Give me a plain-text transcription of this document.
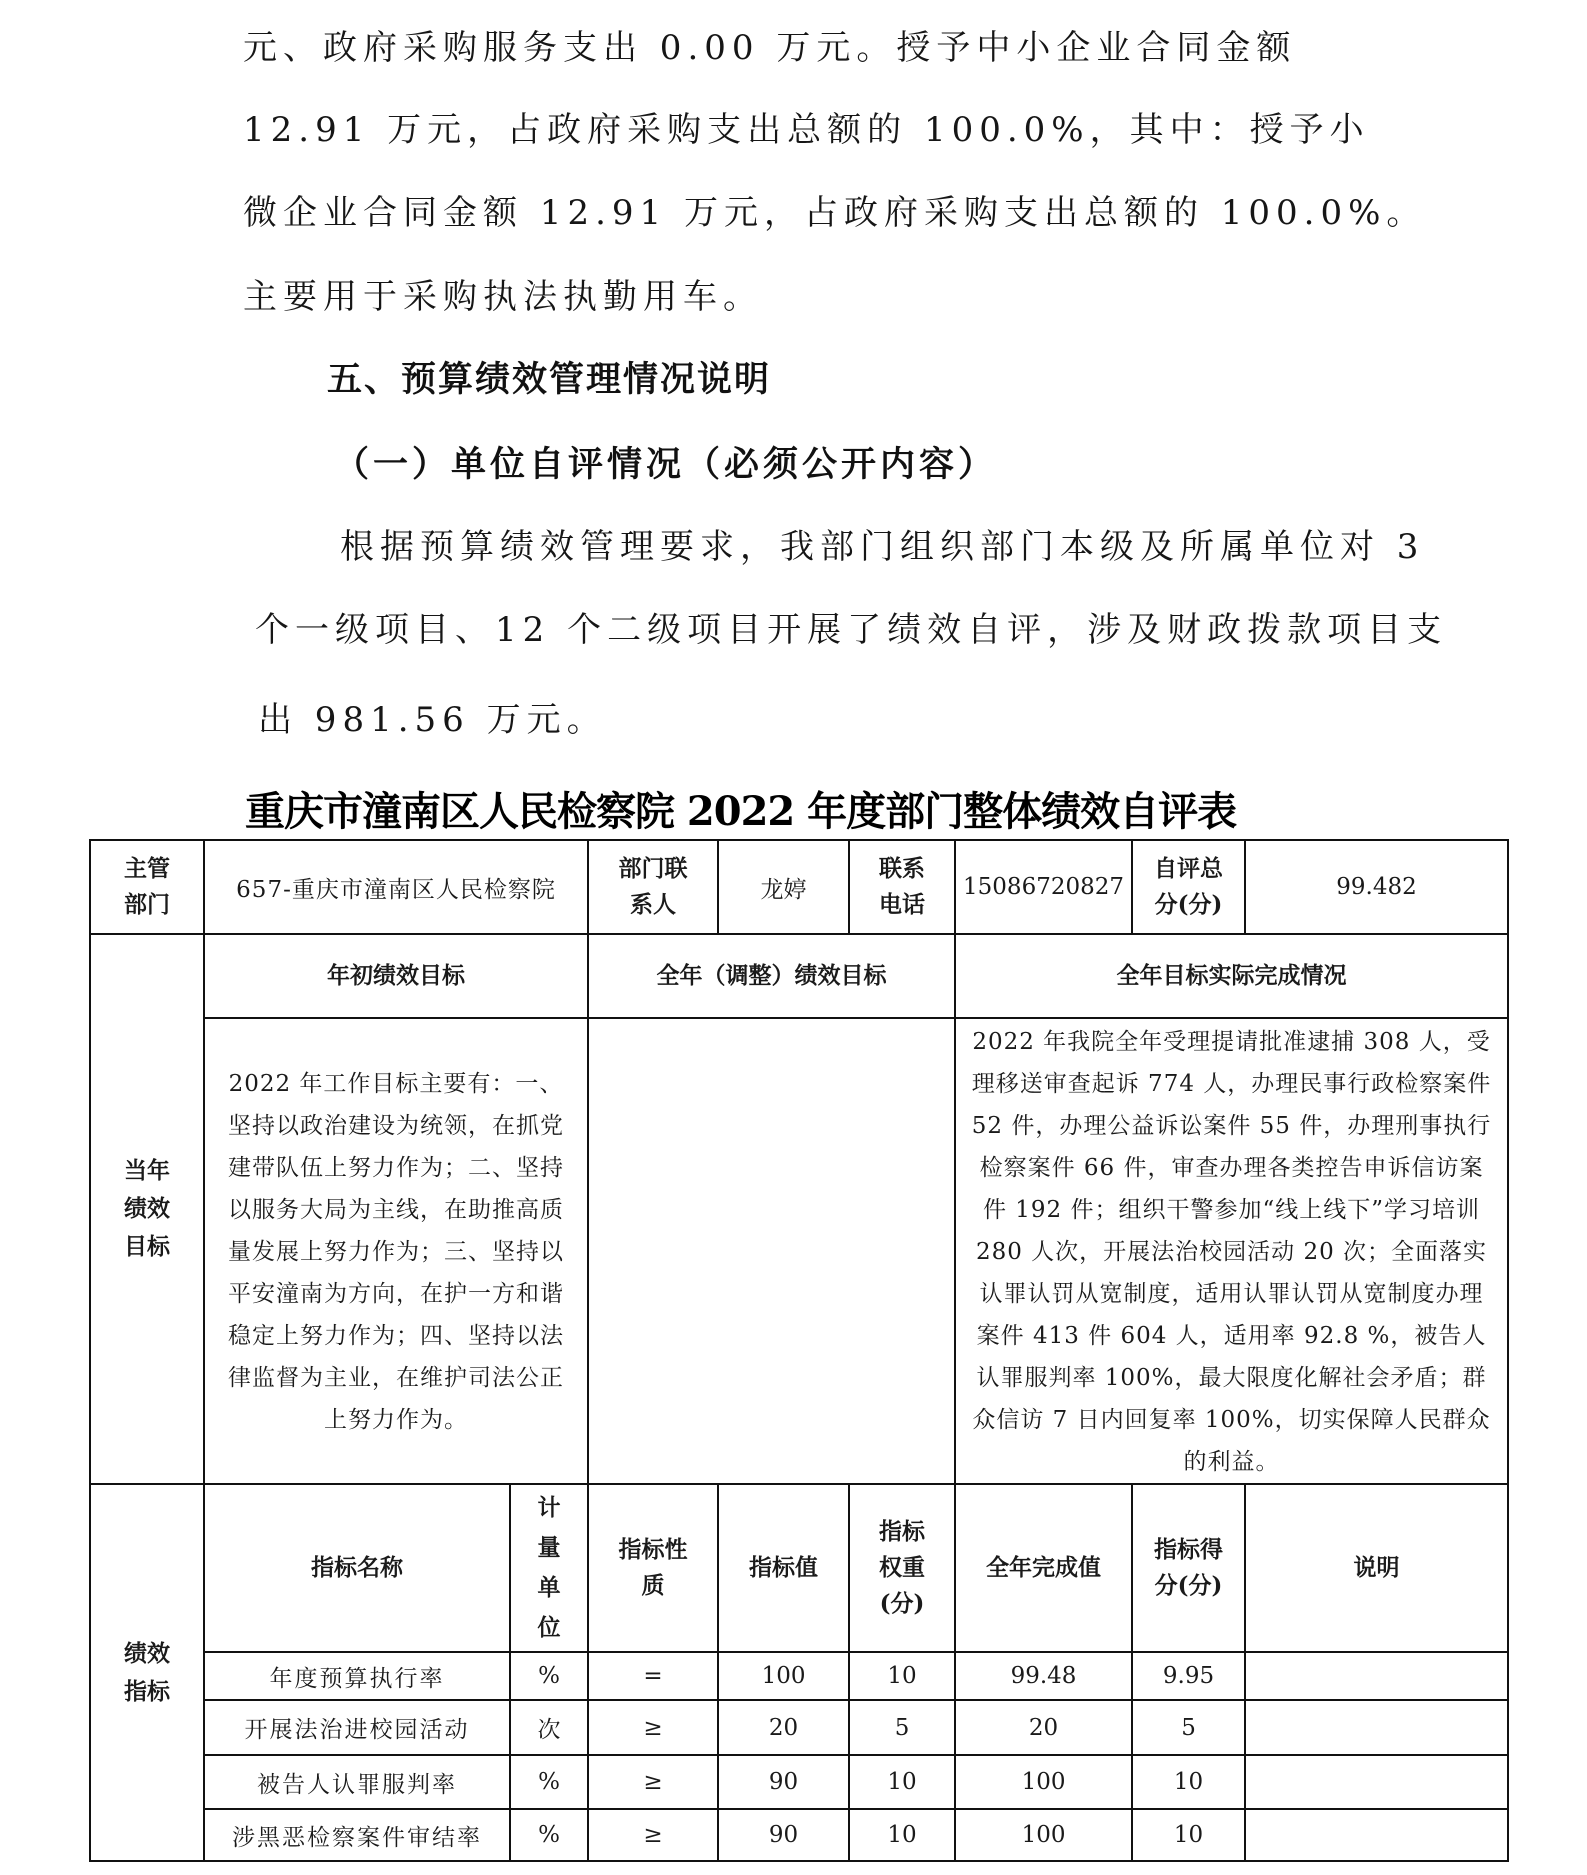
元、政府采购服务支出 0.00 万元。授予中小企业合同金额
12.91 万元，占政府采购支出总额的 100.0%，其中：授予小
微企业合同金额 12.91 万元，占政府采购支出总额的 100.0%。
主要用于采购执法执勤用车。
五、预算绩效管理情况说明
（一）单位自评情况（必须公开内容）
根据预算绩效管理要求，我部门组织部门本级及所属单位对 3
个一级项目、12 个二级项目开展了绩效自评，涉及财政拨款项目支
出 981.56 万元。
重庆市潼南区人民检察院 2022 年度部门整体绩效自评表
主管部门	657-重庆市潼南区人民检察院		部门联系人	龙婷	联系电话	15086720827	自评总分(分)	99.482

当年绩效目标	年初绩效目标		全年（调整）绩效目标			全年目标实际完成情况		

	2022 年工作目标主要有：一、坚持以政治建设为统领，在抓党建带队伍上努力作为；二、坚持以服务大局为主线，在助推高质量发展上努力作为；三、坚持以平安潼南为方向，在护一方和谐稳定上努力作为；四、坚持以法律监督为主业，在维护司法公正上努力作为。					2022 年我院全年受理提请批准逮捕 308 人，受理移送审查起诉 774 人，办理民事行政检察案件 52 件，办理公益诉讼案件 55 件，办理刑事执行检察案件 66 件，审查办理各类控告申诉信访案件 192 件；组织干警参加“线上线下”学习培训 280 人次，开展法治校园活动 20 次；全面落实认罪认罚从宽制度，适用认罪认罚从宽制度办理案件 413 件 604 人，适用率 92.8 %，被告人认罪服判率 100%，最大限度化解社会矛盾；群众信访 7 日内回复率 100%，切实保障人民群众的利益。		

绩效指标	指标名称	计量单位	指标性质	指标值	指标权重(分)	全年完成值	指标得分(分)	说明
	年度预算执行率	%	=	100	10	99.48	9.95	
	开展法治进校园活动	次	≥	20	5	20	5	
	被告人认罪服判率	%	≥	90	10	100	10	
	涉黑恶检察案件审结率	%	≥	90	10	100	10	
